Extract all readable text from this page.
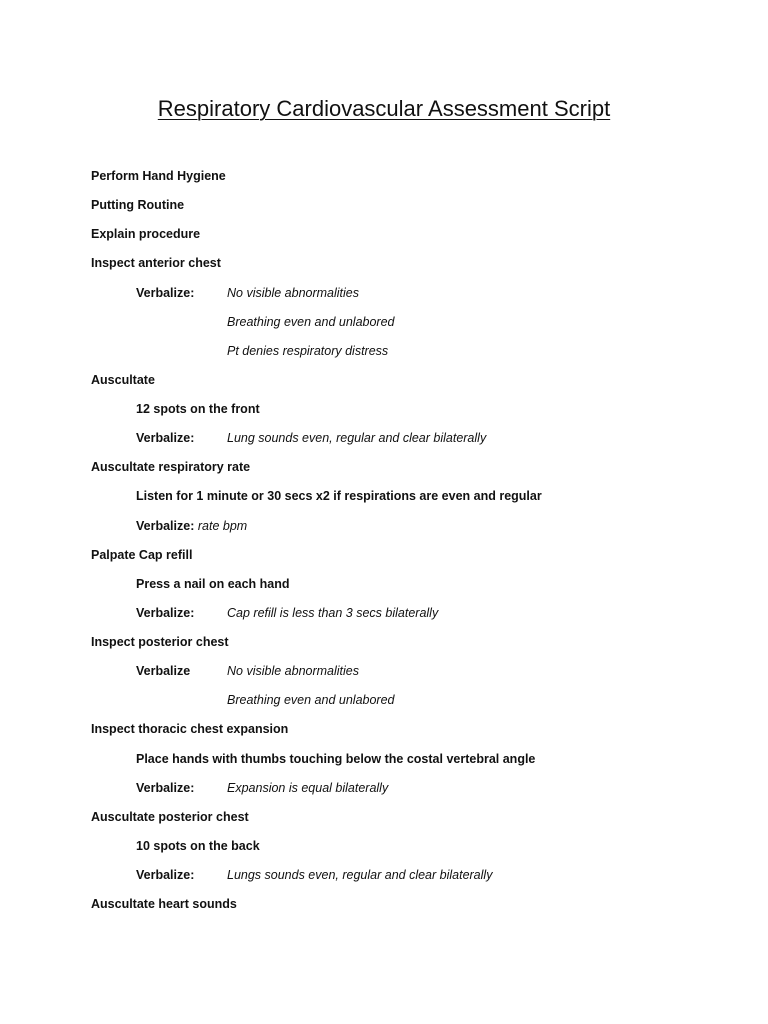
Respiratory Cardiovascular Assessment Script
Perform Hand Hygiene
Putting Routine
Explain procedure
Inspect anterior chest
Verbalize:	No visible abnormalities
Breathing even and unlabored
Pt denies respiratory distress
Auscultate
12 spots on the front
Verbalize:	Lung sounds even, regular and clear bilaterally
Auscultate respiratory rate
Listen for 1 minute or 30 secs x2 if respirations are even and regular
Verbalize: rate bpm
Palpate Cap refill
Press a nail on each hand
Verbalize:	Cap refill is less than 3 secs bilaterally
Inspect posterior chest
Verbalize	No visible abnormalities
Breathing even and unlabored
Inspect thoracic chest expansion
Place hands with thumbs touching below the costal vertebral angle
Verbalize:	Expansion is equal bilaterally
Auscultate posterior chest
10 spots on the back
Verbalize:	Lungs sounds even, regular and clear bilaterally
Auscultate heart sounds
